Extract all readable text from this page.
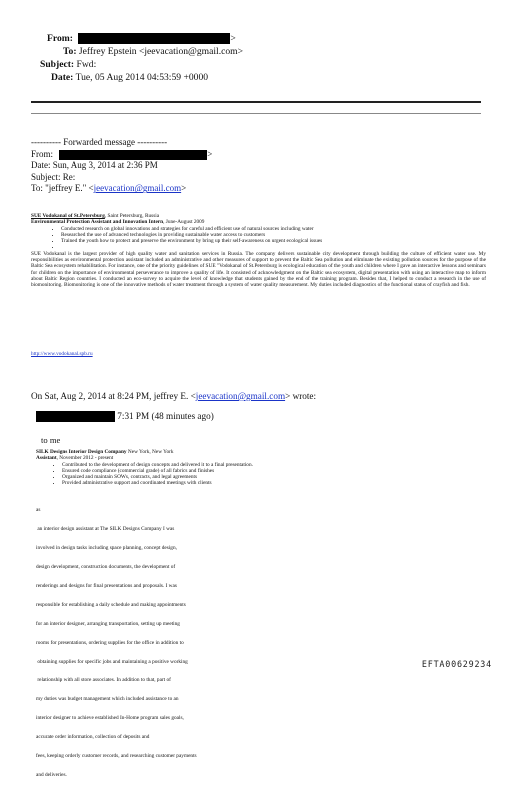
From:	>
To: Jeffrey Epstein <jeevacation@gmail.com>
Subject: Fwd:
Date: Tue, 05 Aug 2014 04:53:59 +0000
---------- Forwarded message ----------
From:	>
Date: Sun, Aug 3, 2014 at 2:36 PM
Subject: Re:
To: "jeffrey E." <jeevacation@gmail.com>
SUE Vodokanal of St.Petersburg, Saint Petersburg, Russia
Environmental Protection Assistant and Innovation Intern, June-August 2009
• Conducted research on global innovations and strategies for careful and efficient use of natural sources including water
• Researched the use of advanced technologies in providing sustainable water access to customers
• Trained the youth how to protect and preserve the environment by bring up their self-awareness on urgent ecological issues
•

SUE Vodokanal is the largest provider of high quality water and sanitation services in Russia. The company delivers sustainable city development through building the culture of efficient water use. My responsibilities as environmental protection assistant included an administrative and other measures of support to prevent the Baltic Sea pollution and eliminate the existing pollution sources for the purpose of the Baltic Sea ecosystem rehabilitation. For instance, one of the priority guidelines of SUE "Vodokanal of St.Petersburg is ecological education of the youth and children where I gave an interactive lessons and seminars for children on the importance of environmental perseverance to improve a quality of life. It consisted of acknowledgment on the Baltic sea ecosystem, digital presentation with using an interactive map to inform about Baltic Region countries. I conducted an eco-survey to acquire the level of knowledge that students gained by the end of the training program. Besides that, I helped to conduct a research in the use of biomonitoring. Biomonitoring is one of the innovative methods of water treatment through a system of water quality measurement. My duties included diagnostics of the functional status of crayfish and fish.

http://www.vodokanal.spb.ru
On Sat, Aug 2, 2014 at 8:24 PM, jeffrey E. <jeevacation@gmail.com> wrote:
7:31 PM (48 minutes ago)
to me
SILK Designs Interior Design Company New York, New York
Assistant, November 2012 - present
• Contributed to the development of design concepts and delivered it to a final presentation.
• Ensured code compliance (commercial grade) of all fabrics and finishes
• Organized and maintain SOWs, contracts, and legal agreements
• Provided administrative support and coordinated meetings with clients

as

an interior design assistant at The SILK Designs Company I was

involved in design tasks including space planning, concept design,

design development, construction documents, the development of

renderings and designs for final presentations and proposals. I was

responsible for establishing a daily schedule and making appointments

for an interior designer, arranging transportation, setting up meeting

rooms for presentations, ordering supplies for the office in addition to

obtaining supplies for specific jobs and maintaining a positive working

relationship with all store associates. In addition to that, part of

my duties was budget management which included assistance to an

interior designer to achieve established In-Home program sales goals,

accurate order information, collection of deposits and

fees, keeping orderly customer records, and researching customer payments

and deliveries.

EFTA00629234
